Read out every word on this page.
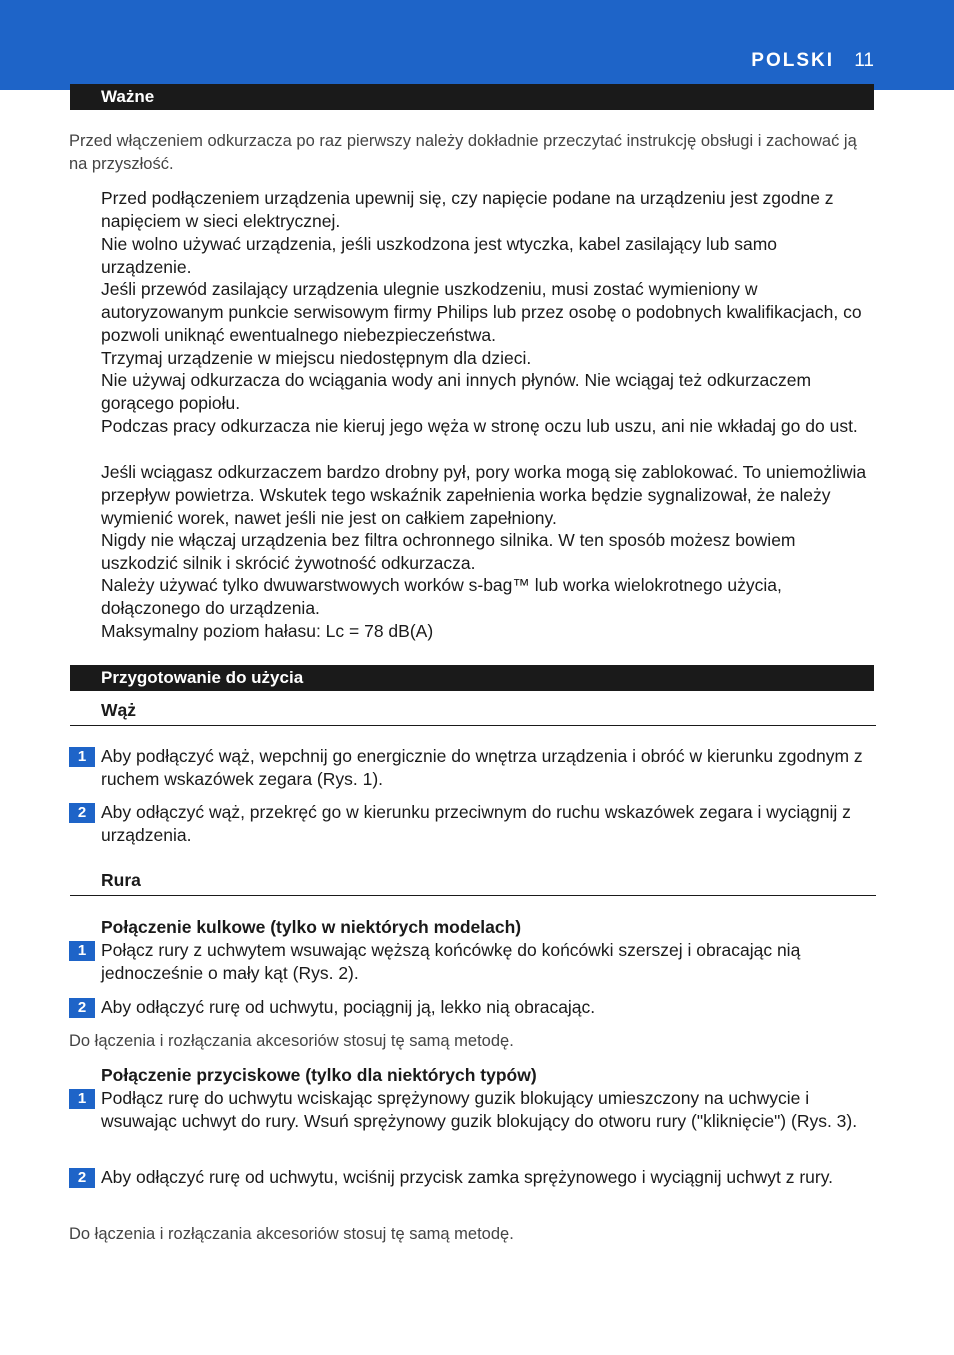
POLSKI 11
Ważne
Przed włączeniem odkurzacza po raz pierwszy należy dokładnie przeczytać instrukcję obsługi i zachować ją na przyszłość.
Przed podłączeniem urządzenia upewnij się, czy napięcie podane na urządzeniu jest zgodne z napięciem w sieci elektrycznej.
Nie wolno używać urządzenia, jeśli uszkodzona jest wtyczka, kabel zasilający lub samo urządzenie.
Jeśli przewód zasilający urządzenia ulegnie uszkodzeniu, musi zostać wymieniony w autoryzowanym punkcie serwisowym firmy Philips lub przez osobę o podobnych kwalifikacjach, co pozwoli uniknąć ewentualnego niebezpieczeństwa.
Trzymaj urządzenie w miejscu niedostępnym dla dzieci.
Nie używaj odkurzacza do wciągania wody ani innych płynów. Nie wciągaj też odkurzaczem gorącego popiołu.
Podczas pracy odkurzacza nie kieruj jego węża w stronę oczu lub uszu, ani nie wkładaj go do ust.
Jeśli wciągasz odkurzaczem bardzo drobny pył, pory worka mogą się zablokować. To uniemożliwia przepływ powietrza. Wskutek tego wskaźnik zapełnienia worka będzie sygnalizował, że należy wymienić worek, nawet jeśli nie jest on całkiem zapełniony.
Nigdy nie włączaj urządzenia bez filtra ochronnego silnika. W ten sposób możesz bowiem uszkodzić silnik i skrócić żywotność odkurzacza.
Należy używać tylko dwuwarstwowych worków s-bag™ lub worka wielokrotnego użycia, dołączonego do urządzenia.
Maksymalny poziom hałasu: Lc = 78 dB(A)
Przygotowanie do użycia
Wąż
1 Aby podłączyć wąż, wepchnij go energicznie do wnętrza urządzenia i obróć w kierunku zgodnym z ruchem wskazówek zegara (Rys. 1).
2 Aby odłączyć wąż, przekręć go w kierunku przeciwnym do ruchu wskazówek zegara i wyciągnij z urządzenia.
Rura
Połączenie kulkowe (tylko w niektórych modelach)
1 Połącz rury z uchwytem wsuwając węższą końcówkę do końcówki szerszej i obracając nią jednocześnie o mały kąt (Rys. 2).
2 Aby odłączyć rurę od uchwytu, pociągnij ją, lekko nią obracając.
Do łączenia i rozłączania akcesoriów stosuj tę samą metodę.
Połączenie przyciskowe (tylko dla niektórych typów)
1 Podłącz rurę do uchwytu wciskając sprężynowy guzik blokujący umieszczony na uchwycie i wsuwając uchwyt do rury. Wsuń sprężynowy guzik blokujący do otworu rury ("kliknięcie") (Rys. 3).
2 Aby odłączyć rurę od uchwytu, wciśnij przycisk zamka sprężynowego i wyciągnij uchwyt z rury.
Do łączenia i rozłączania akcesoriów stosuj tę samą metodę.
